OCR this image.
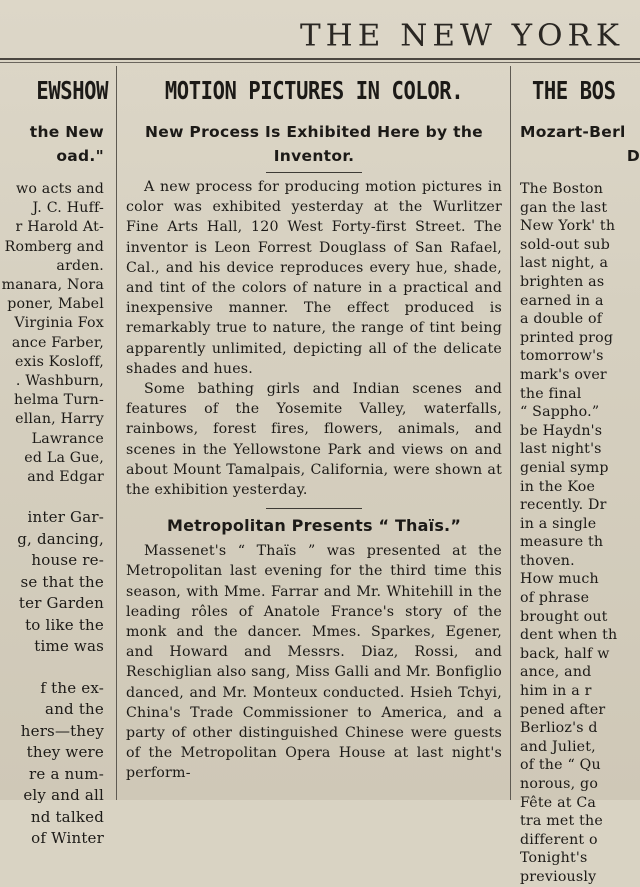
THE NEW YORK
EWSHOW
the New
oad."

wo acts and

J. C. Huff-

r Harold At-

Romberg and

arden.

manara, Nora

poner, Mabel

Virginia Fox

ance Farber,

exis Kosloff,

. Washburn,

helma Turn-

ellan, Harry

Lawrance

ed La Gue,

and Edgar

inter Gar-

g, dancing,

house re-

se that the

ter Garden

to like the

time was

f the ex-

and the

hers—they

they were

re a num-

ely and all

nd talked

of Winter

MOTION PICTURES IN COLOR.
New Process Is Exhibited Here by the Inventor.

A new process for producing motion pictures in color was exhibited yesterday at the Wurlitzer Fine Arts Hall, 120 West Forty-first Street. The inventor is Leon Forrest Douglass of San Rafael, Cal., and his device reproduces every hue, shade, and tint of the colors of nature in a practical and inexpensive manner. The effect produced is remarkably true to nature, the range of tint being apparently unlimited, depicting all of the delicate shades and hues.

Some bathing girls and Indian scenes and features of the Yosemite Valley, waterfalls, rainbows, forest fires, flowers, animals, and scenes in the Yellowstone Park and views on and about Mount Tamalpais, California, were shown at the exhibition yesterday.

Metropolitan Presents “ Thaïs.”

Massenet's “ Thaïs ” was presented at the Metropolitan last evening for the third time this season, with Mme. Farrar and Mr. Whitehill in the leading rôles of Anatole France's story of the monk and the dancer. Mmes. Sparkes, Egener, and Howard and Messrs. Diaz, Rossi, and Reschiglian also sang, Miss Galli and Mr. Bonfiglio danced, and Mr. Monteux conducted. Hsieh Tchyi, China's Trade Commissioner to America, and a party of other distinguished Chinese were guests of the Metropolitan Opera House at last night's perform-

THE BOS
Mozart-Berl
D

The Boston

gan the last

New York' th

sold-out sub

last night, a

brighten as

earned in a

a double of

printed prog

tomorrow's

mark's over

the final

“ Sappho.”

be Haydn's

last night's

genial symp

in the Koe

recently. Dr

in a single

measure th

thoven.

How much

of phrase

brought out

dent when th

back, half w

ance, and

him in a r

pened after

Berlioz's d

and Juliet,

of the “ Qu

norous, go

Fête at Ca

tra met the

different o

Tonight's

previously
